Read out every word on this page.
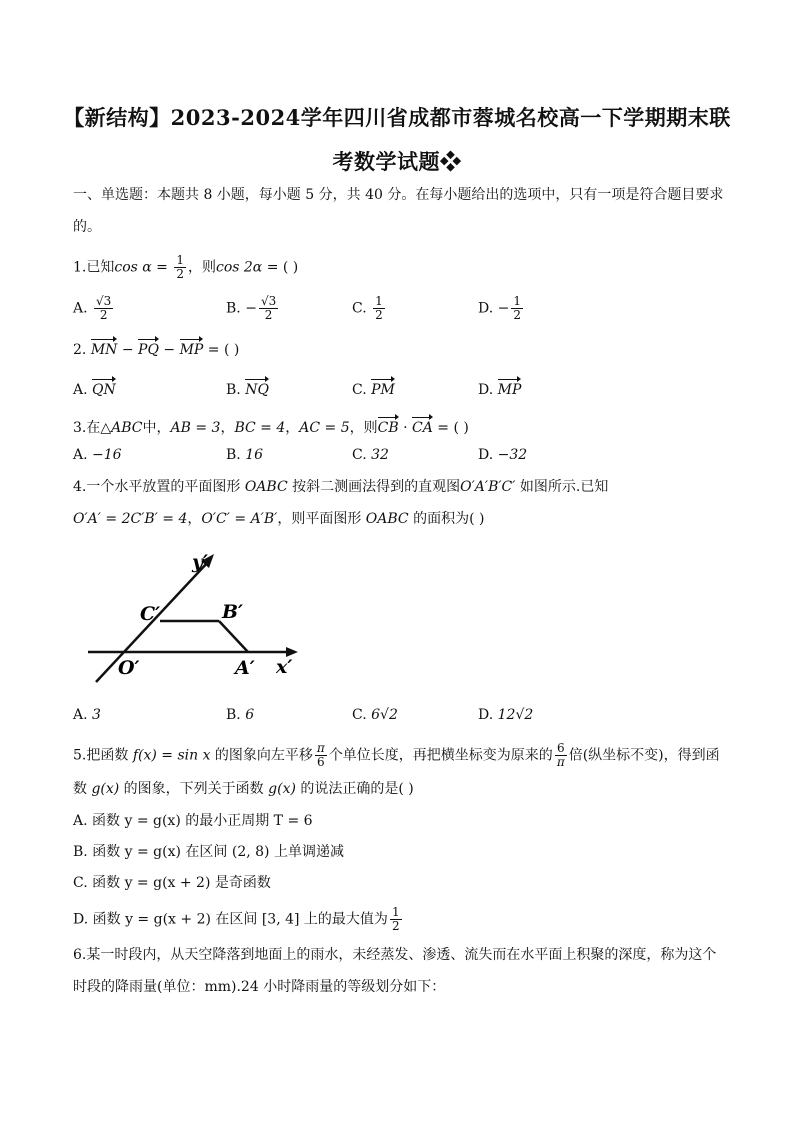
【新结构】2023-2024学年四川省成都市蓉城名校高一下学期期末联
考数学试题❖
一、单选题：本题共 8 小题，每小题 5 分，共 40 分。在每小题给出的选项中，只有一项是符合题目要求
的。
1.已知$\cos \alpha = \frac{1}{2}$ ，则cos 2α = ( )
A. $\frac{√3}{2}$	B. − $\frac{√3}{2}$	C. $\frac{1}{2}$	D. − $\frac{1}{2}$
2. MN − PQ − MP = ( )
A. QN	B. NQ	C. PM	D. MP
3.在△ABC中，AB = 3，BC = 4，AC = 5，则CB · CA = ( )
A. −16	B. 16	C. 32	D. −32
4.一个水平放置的平面图形 OABC 按斜二测画法得到的直观图O′A′B′C′ 如图所示.已知
O′A′ = 2C′B′ = 4，O′C′ = A′B′，则平面图形 OABC 的面积为( )
y′
x′
O′	A′
B′
C′
A. 3	B. 6	C. 6√2	D. 12√2
5.把函数 f(x) = sin x 的图象向左平移 $\frac{\pi}{6}$ 个单位长度，再把横坐标变为原来的 $\frac{6}{\pi}$ 倍(纵坐标不变)，得到函
数 g(x) 的图象，下列关于函数 g(x) 的说法正确的是( )
A. 函数 y = g(x) 的最小正周期 T = 6
B. 函数 y = g(x) 在区间 (2, 8) 上单调递减
C. 函数 y = g(x + 2) 是奇函数
D. 函数 y = g(x + 2) 在区间 [3, 4] 上的最大值为 $\frac{1}{2}$
6.某一时段内，从天空降落到地面上的雨水，未经蒸发、渗透、流失而在水平面上积聚的深度，称为这个
时段的降雨量(单位：mm).24 小时降雨量的等级划分如下：
